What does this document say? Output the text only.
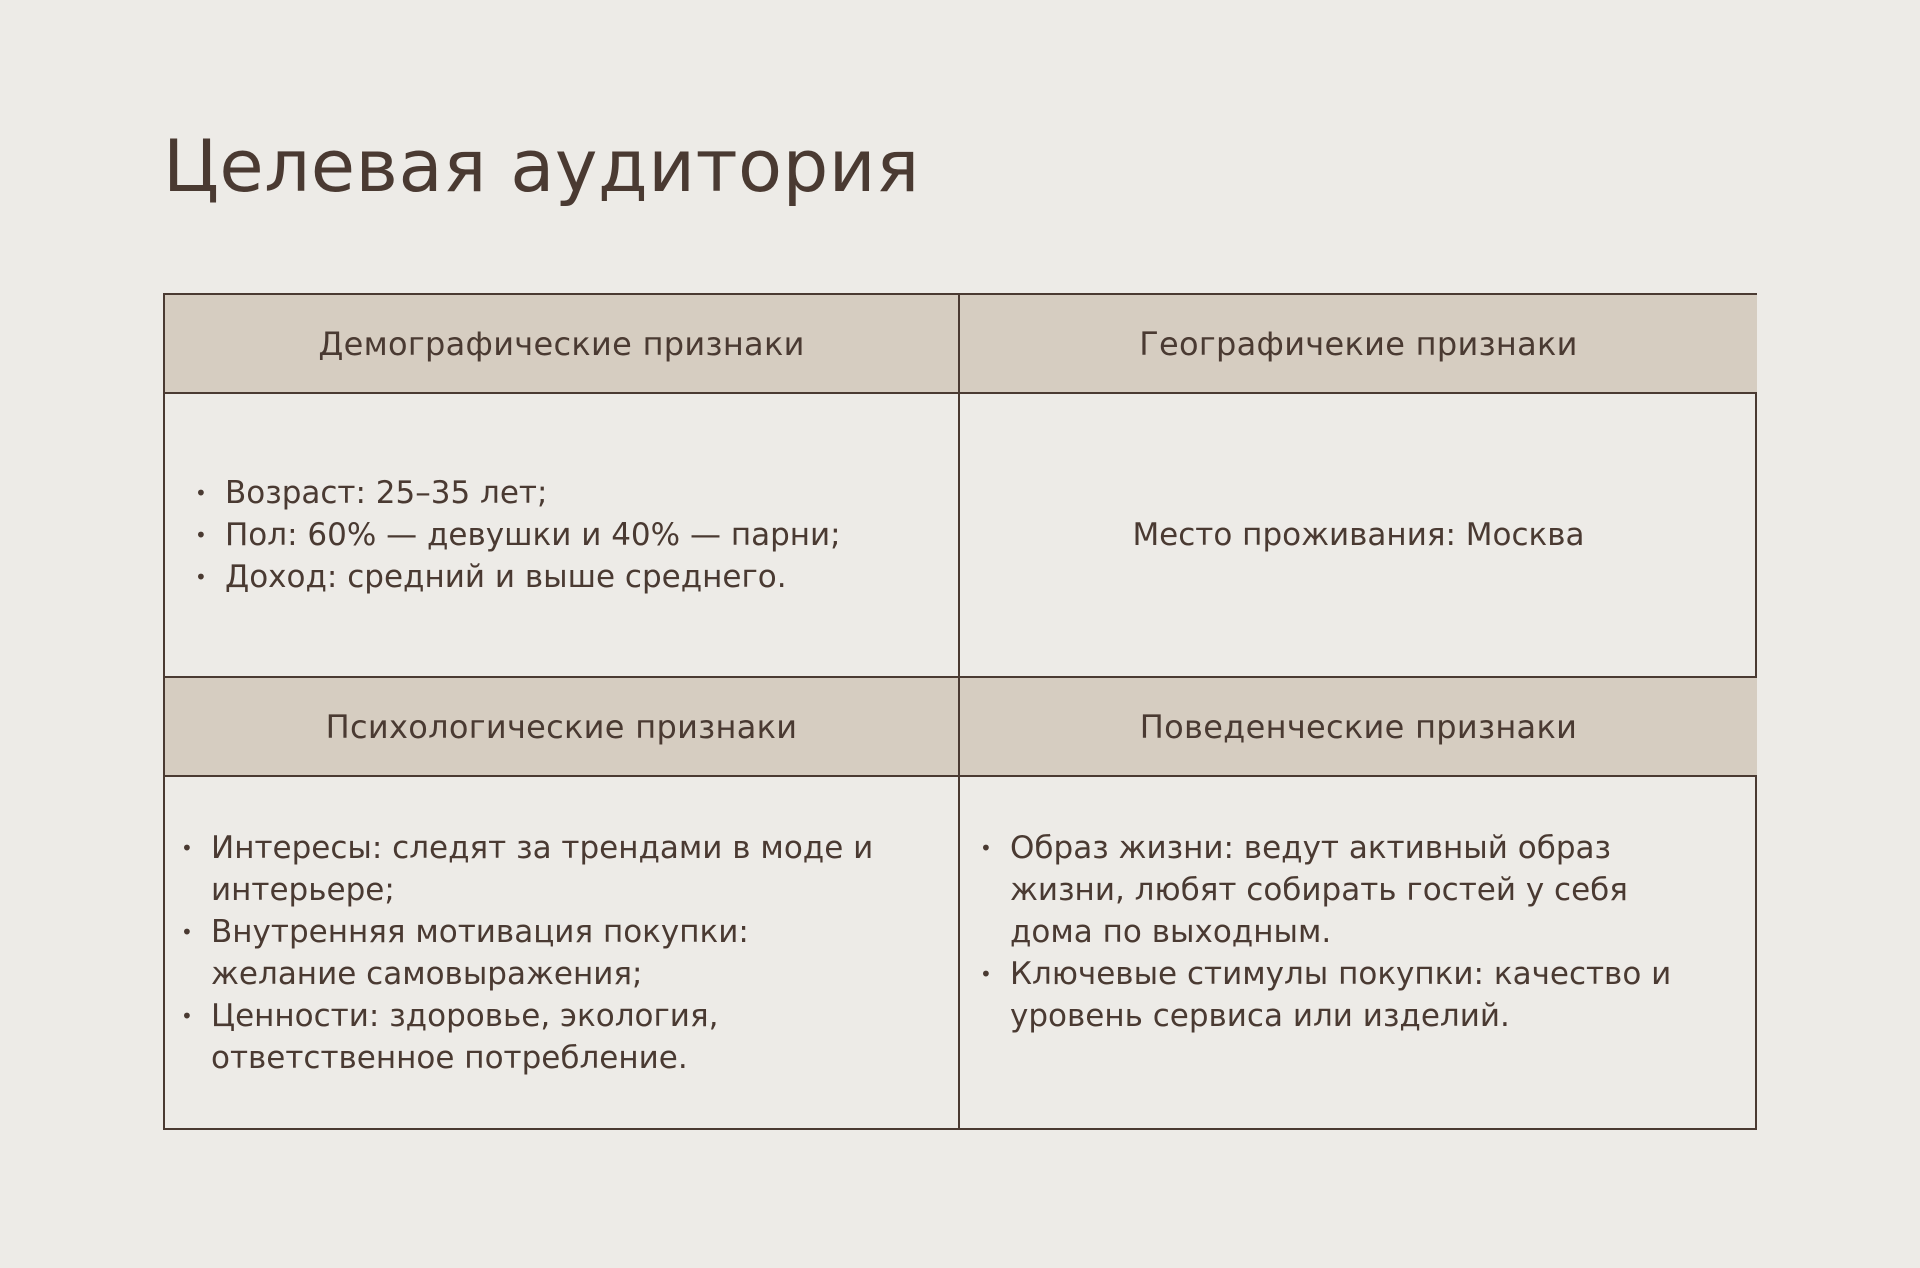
Целевая аудитория
Демографические признаки	Географичекие признаки
• Возраст: 25–35 лет;
• Пол: 60% — девушки и 40% — парни;
• Доход: средний и выше среднего.
Место проживания: Москва
Психологические признаки	Поведенческие признаки
• Интересы: следят за трендами в моде и интерьере;
• Внутренняя мотивация покупки: желание самовыражения;
• Ценности: здоровье, экология, ответственное потребление.
• Образ жизни: ведут активный образ жизни, любят собирать гостей у себя дома по выходным.
• Ключевые стимулы покупки: качество и уровень сервиса или изделий.
